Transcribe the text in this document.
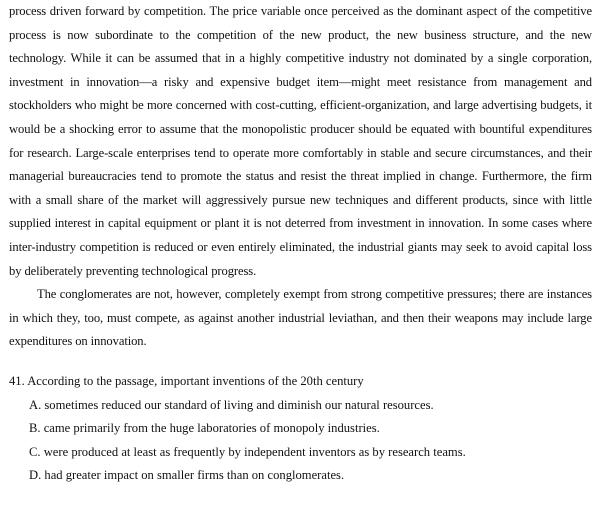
process driven forward by competition. The price variable once perceived as the dominant aspect of the competitive process is now subordinate to the competition of the new product, the new business structure, and the new technology. While it can be assumed that in a highly competitive industry not dominated by a single corporation, investment in innovation—a risky and expensive budget item—might meet resistance from management and stockholders who might be more concerned with cost-cutting, efficient-organization, and large advertising budgets, it would be a shocking error to assume that the monopolistic producer should be equated with bountiful expenditures for research. Large-scale enterprises tend to operate more comfortably in stable and secure circumstances, and their managerial bureaucracies tend to promote the status and resist the threat implied in change. Furthermore, the firm with a small share of the market will aggressively pursue new techniques and different products, since with little supplied interest in capital equipment or plant it is not deterred from investment in innovation. In some cases where inter-industry competition is reduced or even entirely eliminated, the industrial giants may seek to avoid capital loss by deliberately preventing technological progress.

The conglomerates are not, however, completely exempt from strong competitive pressures; there are instances in which they, too, must compete, as against another industrial leviathan, and then their weapons may include large expenditures on innovation.

41. According to the passage, important inventions of the 20th century

A. sometimes reduced our standard of living and diminish our natural resources.
B. came primarily from the huge laboratories of monopoly industries.
C. were produced at least as frequently by independent inventors as by research teams.
D. had greater impact on smaller firms than on conglomerates.
